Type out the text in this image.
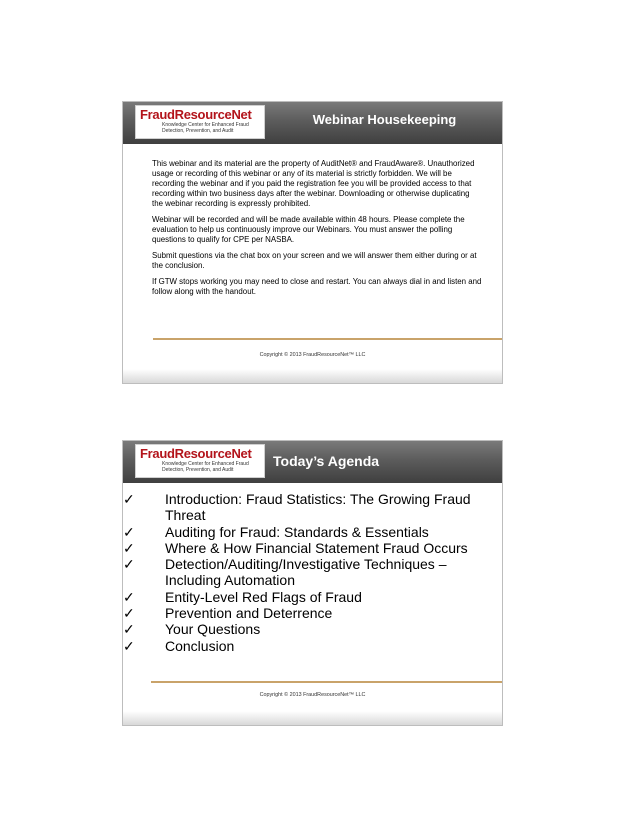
FraudResourceNet
Knowledge Center for Enhanced Fraud Detection, Prevention, and Audit
Webinar Housekeeping

This webinar and its material are the property of AuditNet® and FraudAware®. Unauthorized usage or recording of this webinar or any of its material is strictly forbidden. We will be recording the webinar and if you paid the registration fee you will be provided access to that recording within two business days after the webinar. Downloading or otherwise duplicating the webinar recording is expressly prohibited.

Webinar will be recorded and will be made available within 48 hours. Please complete the evaluation to help us continuously improve our Webinars. You must answer the polling questions to qualify for CPE per NASBA.

Submit questions via the chat box on your screen and we will answer them either during or at the conclusion.

If GTW stops working you may need to close and restart. You can always dial in and listen and follow along with the handout.

Copyright © 2013 FraudResourceNet™ LLC
FraudResourceNet
Knowledge Center for Enhanced Fraud Detection, Prevention, and Audit
Today’s Agenda
✓ Introduction: Fraud Statistics: The Growing Fraud Threat
✓ Auditing for Fraud: Standards & Essentials
✓ Where & How Financial Statement Fraud Occurs
✓ Detection/Auditing/Investigative Techniques – Including Automation
✓ Entity-Level Red Flags of Fraud
✓ Prevention and Deterrence
✓ Your Questions
✓ Conclusion
Copyright © 2013 FraudResourceNet™ LLC
